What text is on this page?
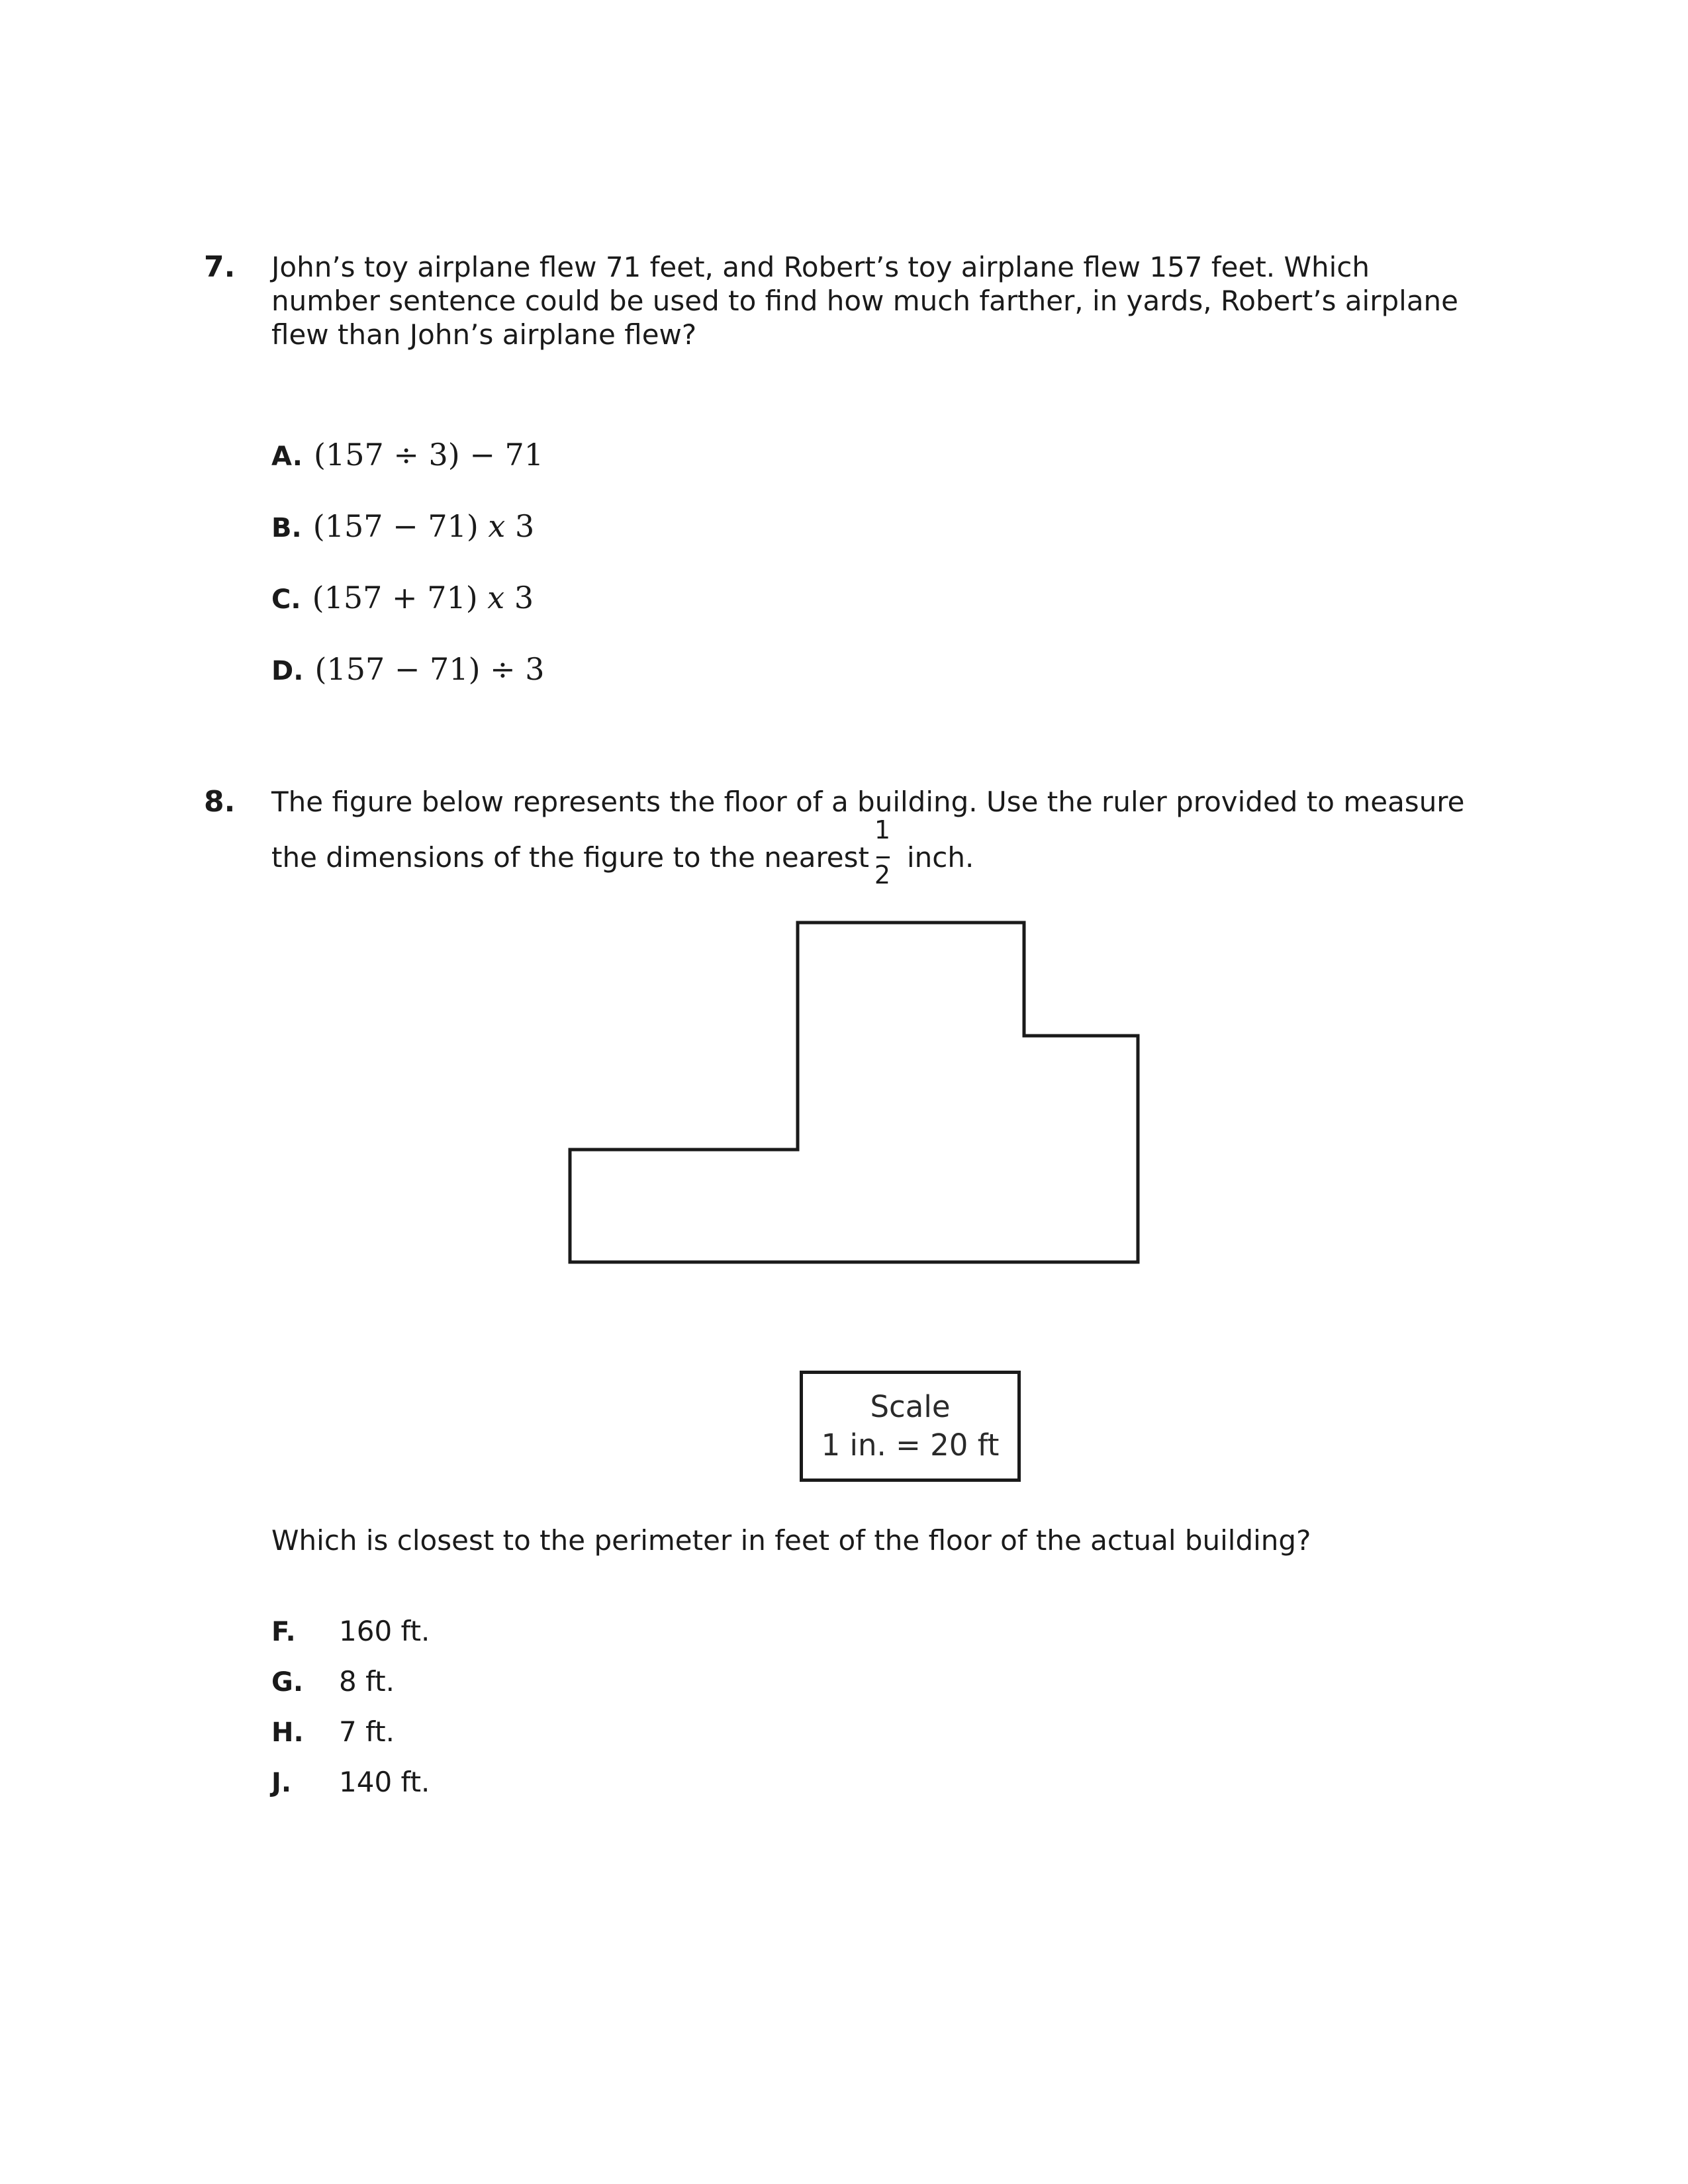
7. John’s toy airplane flew 71 feet, and Robert’s toy airplane flew 157 feet. Which
number sentence could be used to find how much farther, in yards, Robert’s airplane
flew than John’s airplane flew?
A. (157 ÷ 3) − 71
B. (157 − 71) 𝑥 3
C. (157 + 71) 𝑥 3
D. (157 − 71) ÷ 3
8. The figure below represents the floor of a building. Use the ruler provided to measure
the dimensions of the figure to the nearest
1
2
inch.
Scale
1 in. = 20 ft
Which is closest to the perimeter in feet of the floor of the actual building?
F. 160 ft.
G. 8 ft.
H. 7 ft.
J. 140 ft.
